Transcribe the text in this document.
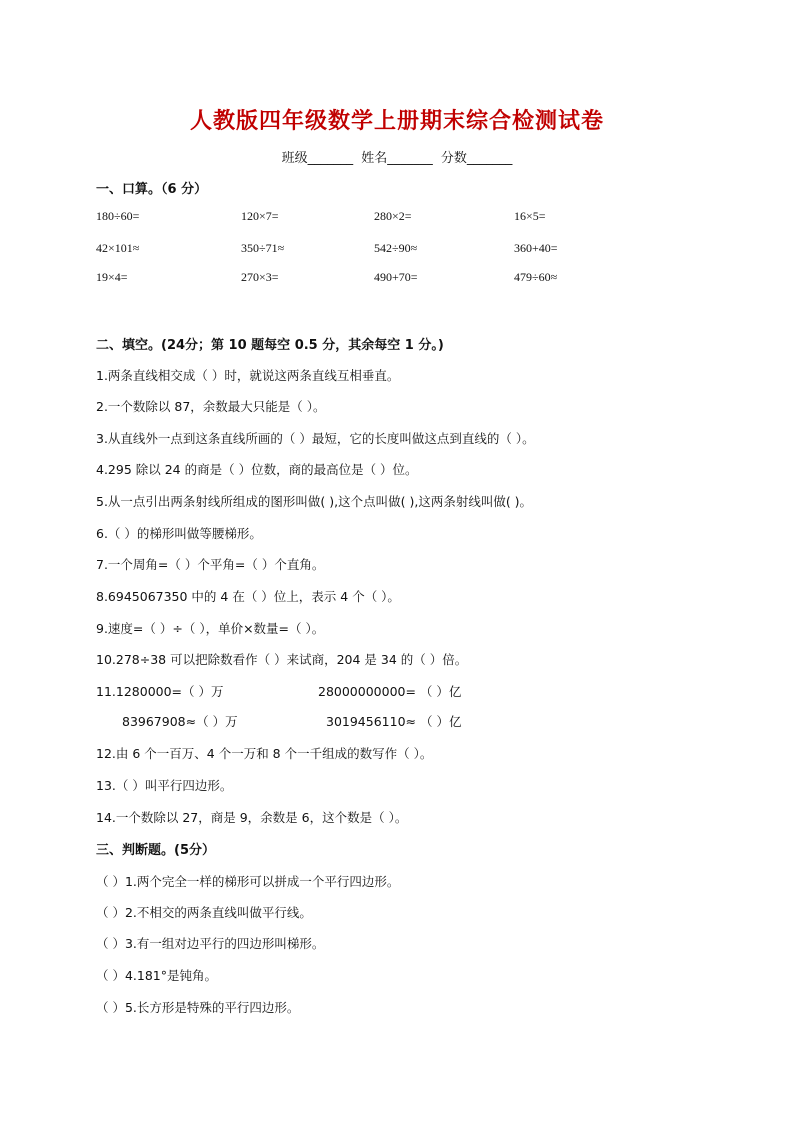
人教版四年级数学上册期末综合检测试卷
班级_______ 姓名_______ 分数_______
一、口算。（6 分）
180÷60=	120×7=	280×2=	16×5=
42×101≈	350÷71≈	542÷90≈	360+40=
19×4=	270×3=	490+70=	479÷60≈
二、填空。(24分；第 10 题每空 0.5 分，其余每空 1 分。)
1.两条直线相交成（ ）时，就说这两条直线互相垂直。
2.一个数除以 87，余数最大只能是（ ）。
3.从直线外一点到这条直线所画的（ ）最短，它的长度叫做这点到直线的（ ）。
4.295 除以 24 的商是（ ）位数，商的最高位是（ ）位。
5.从一点引出两条射线所组成的图形叫做( ),这个点叫做( ),这两条射线叫做( )。
6.（ ）的梯形叫做等腰梯形。
7.一个周角=（ ）个平角=（ ）个直角。
8.6945067350 中的 4 在（ ）位上，表示 4 个（ ）。
9.速度=（ ）÷（ ），单价×数量=（ ）。
10.278÷38 可以把除数看作（ ）来试商，204 是 34 的（ ）倍。
11.1280000=（ ）万	28000000000= （ ）亿
83967908≈（ ）万	3019456110≈ （ ）亿
12.由 6 个一百万、4 个一万和 8 个一千组成的数写作（ ）。
13.（ ）叫平行四边形。
14.一个数除以 27，商是 9，余数是 6，这个数是（ ）。
三、判断题。(5分）
（ ）1.两个完全一样的梯形可以拼成一个平行四边形。
（ ）2.不相交的两条直线叫做平行线。
（ ）3.有一组对边平行的四边形叫梯形。
（ ）4.181°是钝角。
（ ）5.长方形是特殊的平行四边形。
